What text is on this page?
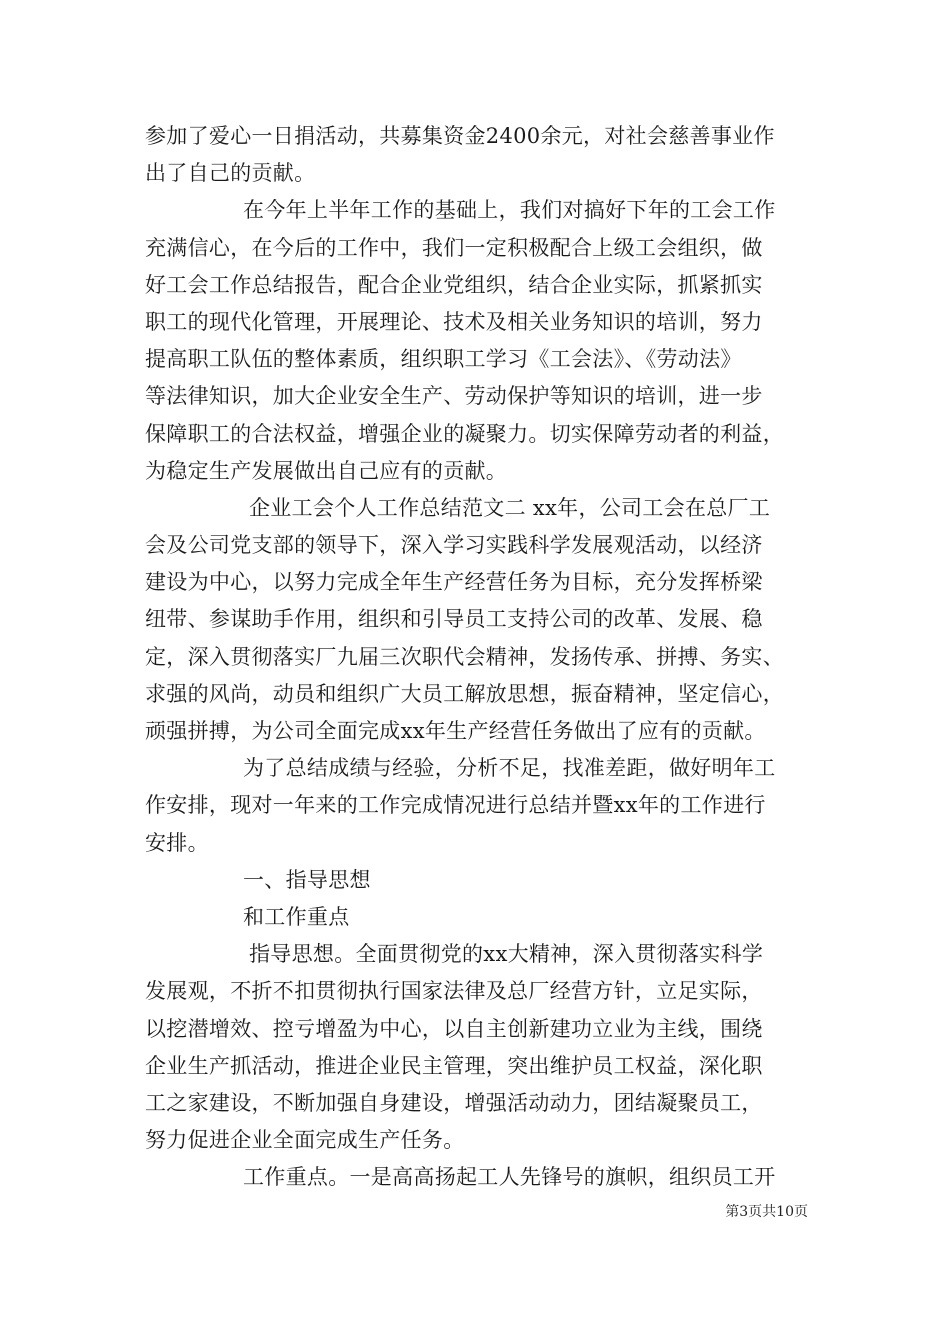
参加了爱心一日捐活动，共募集资金2400余元，对社会慈善事业作
出了自己的贡献。

在今年上半年工作的基础上，我们对搞好下年的工会工作
充满信心，在今后的工作中，我们一定积极配合上级工会组织，做
好工会工作总结报告，配合企业党组织，结合企业实际，抓紧抓实
职工的现代化管理，开展理论、技术及相关业务知识的培训，努力
提高职工队伍的整体素质，组织职工学习《工会法》、《劳动法》
等法律知识，加大企业安全生产、劳动保护等知识的培训，进一步
保障职工的合法权益，增强企业的凝聚力。切实保障劳动者的利益，
为稳定生产发展做出自己应有的贡献。

企业工会个人工作总结范文二 xx年，公司工会在总厂工
会及公司党支部的领导下，深入学习实践科学发展观活动，以经济
建设为中心，以努力完成全年生产经营任务为目标，充分发挥桥梁
纽带、参谋助手作用，组织和引导员工支持公司的改革、发展、稳
定，深入贯彻落实厂九届三次职代会精神，发扬传承、拼搏、务实、
求强的风尚，动员和组织广大员工解放思想，振奋精神，坚定信心，
顽强拼搏，为公司全面完成xx年生产经营任务做出了应有的贡献。

为了总结成绩与经验，分析不足，找准差距，做好明年工
作安排，现对一年来的工作完成情况进行总结并暨xx年的工作进行
安排。

一、指导思想

和工作重点

指导思想。全面贯彻党的xx大精神，深入贯彻落实科学
发展观，不折不扣贯彻执行国家法律及总厂经营方针，立足实际，
以挖潜增效、控亏增盈为中心，以自主创新建功立业为主线，围绕
企业生产抓活动，推进企业民主管理，突出维护员工权益，深化职
工之家建设，不断加强自身建设，增强活动动力，团结凝聚员工，
努力促进企业全面完成生产任务。

工作重点。一是高高扬起工人先锋号的旗帜，组织员工开

第3页共10页
